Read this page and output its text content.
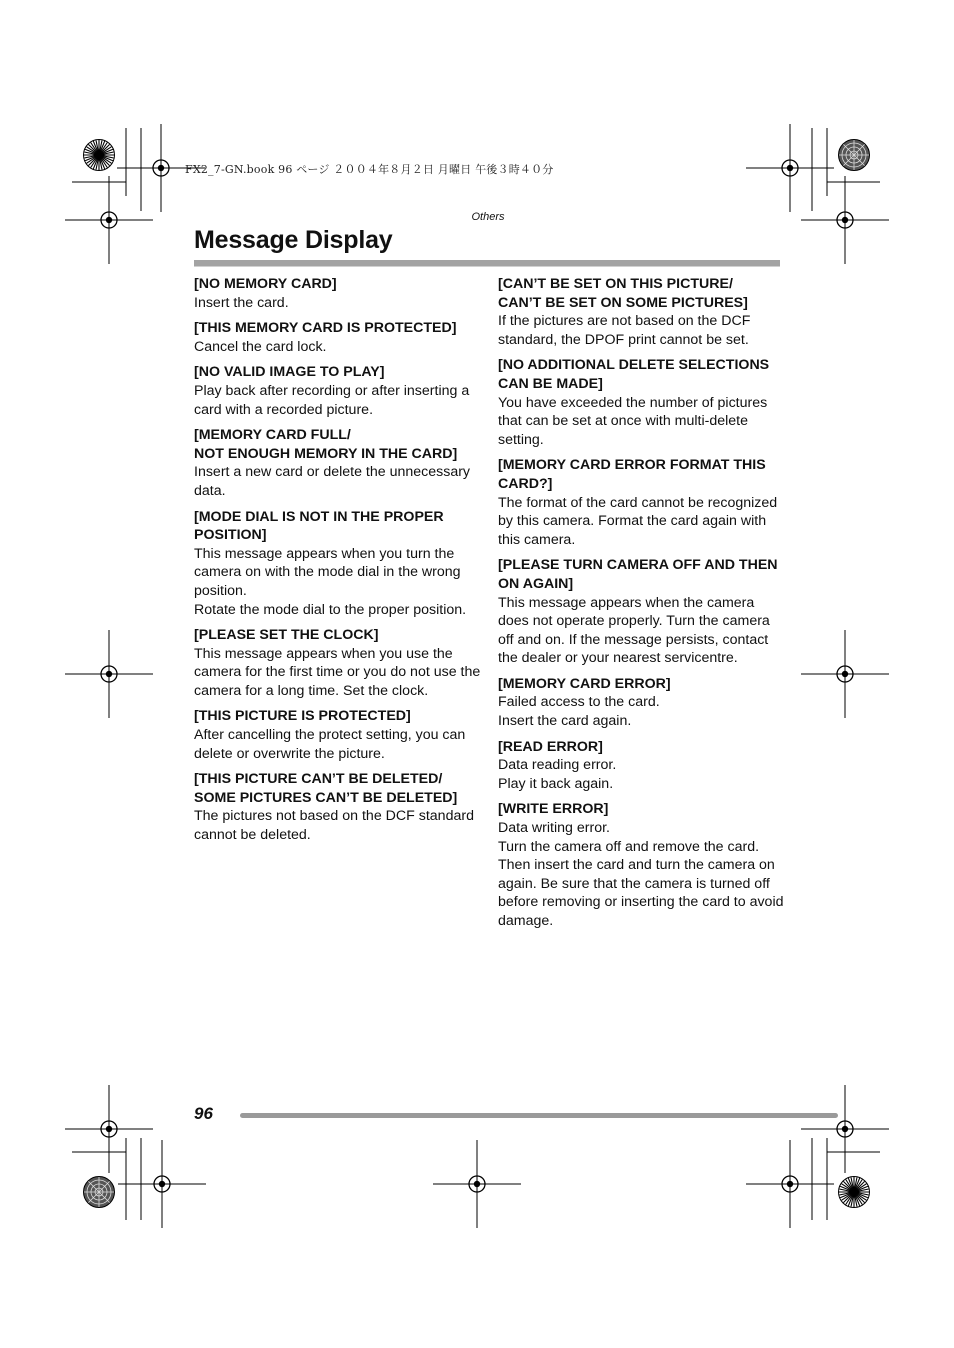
FX2_7-GN.book 96 ページ ２００４年８月２日 月曜日 午後３時４０分
Others
Message Display
[NO MEMORY CARD]
Insert the card.
[THIS MEMORY CARD IS PROTECTED]
Cancel the card lock.
[NO VALID IMAGE TO PLAY]
Play back after recording or after inserting a card with a recorded picture.
[MEMORY CARD FULL/
NOT ENOUGH MEMORY IN THE CARD]
Insert a new card or delete the unnecessary data.
[MODE DIAL IS NOT IN THE PROPER POSITION]
This message appears when you turn the camera on with the mode dial in the wrong position.
Rotate the mode dial to the proper position.
[PLEASE SET THE CLOCK]
This message appears when you use the camera for the first time or you do not use the camera for a long time. Set the clock.
[THIS PICTURE IS PROTECTED]
After cancelling the protect setting, you can delete or overwrite the picture.
[THIS PICTURE CAN’T BE DELETED/
SOME PICTURES CAN’T BE DELETED]
The pictures not based on the DCF standard cannot be deleted.
[CAN’T BE SET ON THIS PICTURE/
CAN’T BE SET ON SOME PICTURES]
If the pictures are not based on the DCF standard, the DPOF print cannot be set.
[NO ADDITIONAL DELETE SELECTIONS CAN BE MADE]
You have exceeded the number of pictures that can be set at once with multi-delete setting.
[MEMORY CARD ERROR FORMAT THIS CARD?]
The format of the card cannot be recognized by this camera. Format the card again with this camera.
[PLEASE TURN CAMERA OFF AND THEN ON AGAIN]
This message appears when the camera does not operate properly. Turn the camera off and on. If the message persists, contact the dealer or your nearest servicentre.
[MEMORY CARD ERROR]
Failed access to the card.
Insert the card again.
[READ ERROR]
Data reading error.
Play it back again.
[WRITE ERROR]
Data writing error.
Turn the camera off and remove the card. Then insert the card and turn the camera on again. Be sure that the camera is turned off before removing or inserting the card to avoid damage.
96
